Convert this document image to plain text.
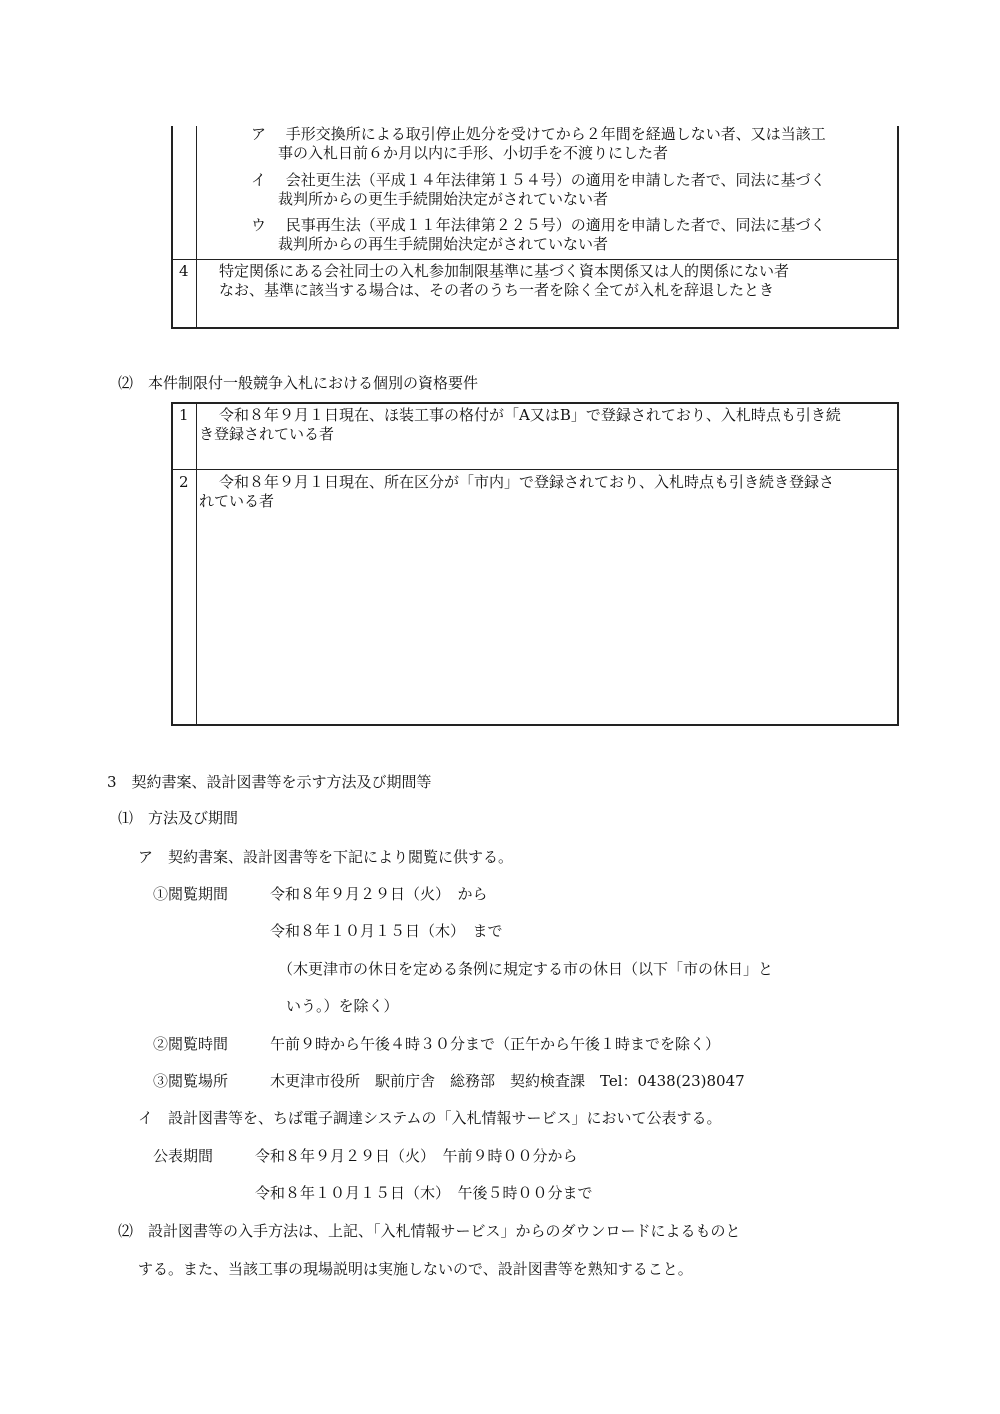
ア　 手形交換所による取引停止処分を受けてから２年間を経過しない者、又は当該工
事の入札日前６か月以内に手形、小切手を不渡りにした者
イ　 会社更生法（平成１４年法律第１５４号）の適用を申請した者で、同法に基づく
裁判所からの更生手続開始決定がされていない者
ウ　 民事再生法（平成１１年法律第２２５号）の適用を申請した者で、同法に基づく
裁判所からの再生手続開始決定がされていない者
4 特定関係にある会社同士の入札参加制限基準に基づく資本関係又は人的関係にない者
なお、基準に該当する場合は、その者のうち一者を除く全てが入札を辞退したとき
⑵　本件制限付一般競争入札における個別の資格要件
1 令和８年９月１日現在、ほ装工事の格付が「A又はB」で登録されており、入札時点も引き続
き登録されている者
2 令和８年９月１日現在、所在区分が「市内」で登録されており、入札時点も引き続き登録さ
れている者
3　契約書案、設計図書等を示す方法及び期間等
⑴　方法及び期間
ア　契約書案、設計図書等を下記により閲覧に供する。
①閲覧期間	令和８年９月２９日（火）　から
令和８年１０月１５日（木）　まで
（木更津市の休日を定める条例に規定する市の休日（以下「市の休日」と
いう。）を除く）
②閲覧時間	午前９時から午後４時３０分まで（正午から午後１時までを除く）
③閲覧場所	木更津市役所　駅前庁舎　総務部　契約検査課　Tel：0438(23)8047
イ　設計図書等を、ちば電子調達システムの「入札情報サービス」において公表する。
公表期間	令和８年９月２９日（火）　午前９時００分から
令和８年１０月１５日（木）　午後５時００分まで
⑵　設計図書等の入手方法は、上記、「入札情報サービス」からのダウンロードによるものと
する。また、当該工事の現場説明は実施しないので、設計図書等を熟知すること。
